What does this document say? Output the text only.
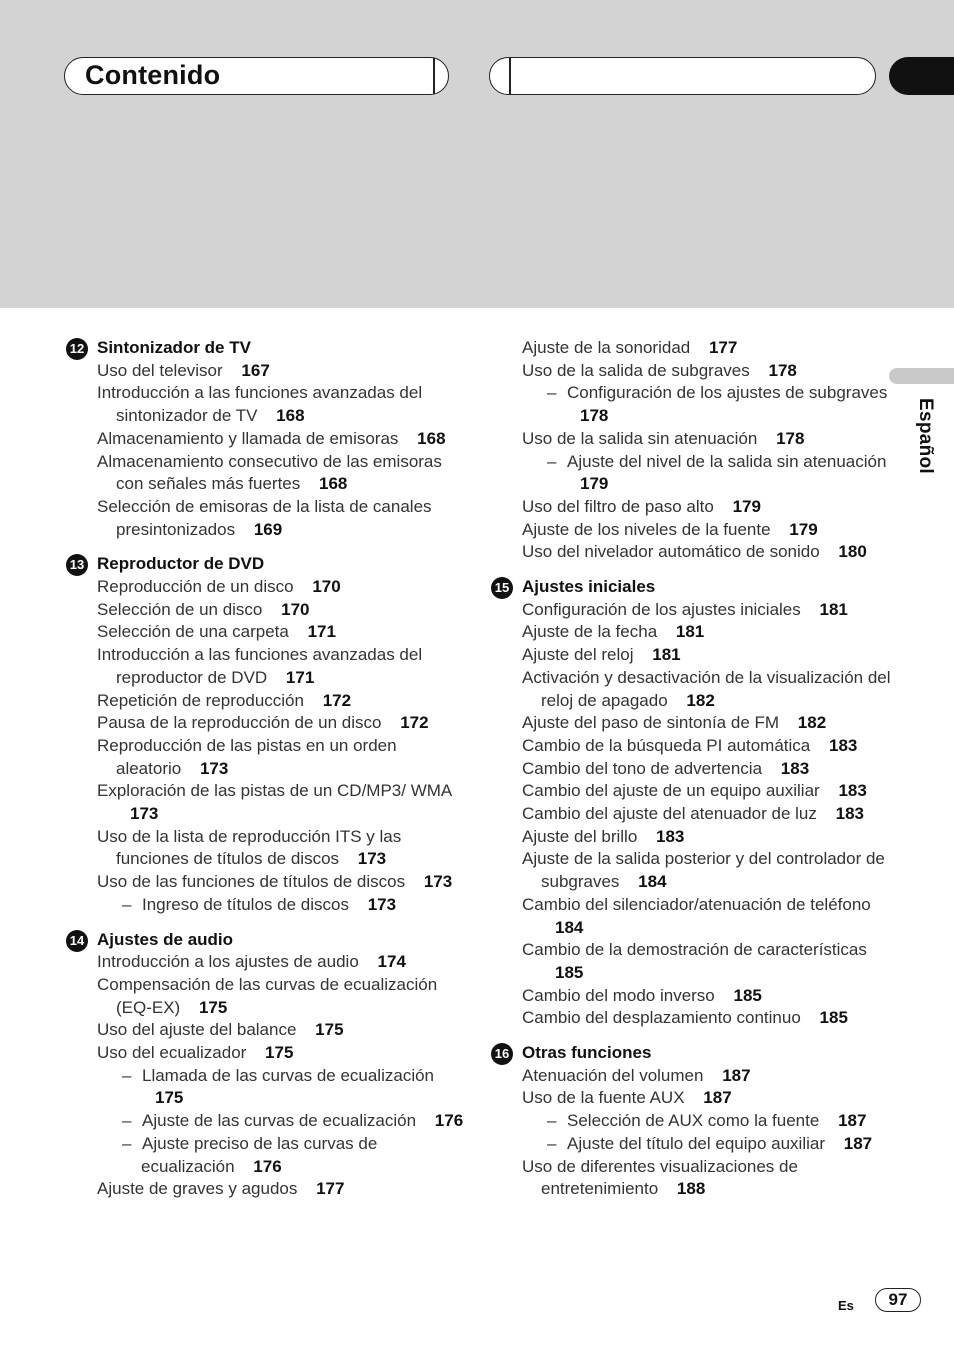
Contenido
Español
12 Sintonizador de TV
Uso del televisor 167
Introducción a las funciones avanzadas del sintonizador de TV 168
Almacenamiento y llamada de emisoras 168
Almacenamiento consecutivo de las emisoras con señales más fuertes 168
Selección de emisoras de la lista de canales presintonizados 169
13 Reproductor de DVD
Reproducción de un disco 170
Selección de un disco 170
Selección de una carpeta 171
Introducción a las funciones avanzadas del reproductor de DVD 171
Repetición de reproducción 172
Pausa de la reproducción de un disco 172
Reproducción de las pistas en un orden aleatorio 173
Exploración de las pistas de un CD/MP3/ WMA 173
Uso de la lista de reproducción ITS y las funciones de títulos de discos 173
Uso de las funciones de títulos de discos 173
– Ingreso de títulos de discos 173
14 Ajustes de audio
Introducción a los ajustes de audio 174
Compensación de las curvas de ecualización (EQ-EX) 175
Uso del ajuste del balance 175
Uso del ecualizador 175
– Llamada de las curvas de ecualización 175
– Ajuste de las curvas de ecualización 176
– Ajuste preciso de las curvas de ecualización 176
Ajuste de graves y agudos 177
Ajuste de la sonoridad 177
Uso de la salida de subgraves 178
– Configuración de los ajustes de subgraves 178
Uso de la salida sin atenuación 178
– Ajuste del nivel de la salida sin atenuación 179
Uso del filtro de paso alto 179
Ajuste de los niveles de la fuente 179
Uso del nivelador automático de sonido 180
15 Ajustes iniciales
Configuración de los ajustes iniciales 181
Ajuste de la fecha 181
Ajuste del reloj 181
Activación y desactivación de la visualización del reloj de apagado 182
Ajuste del paso de sintonía de FM 182
Cambio de la búsqueda PI automática 183
Cambio del tono de advertencia 183
Cambio del ajuste de un equipo auxiliar 183
Cambio del ajuste del atenuador de luz 183
Ajuste del brillo 183
Ajuste de la salida posterior y del controlador de subgraves 184
Cambio del silenciador/atenuación de teléfono 184
Cambio de la demostración de características 185
Cambio del modo inverso 185
Cambio del desplazamiento continuo 185
16 Otras funciones
Atenuación del volumen 187
Uso de la fuente AUX 187
– Selección de AUX como la fuente 187
– Ajuste del título del equipo auxiliar 187
Uso de diferentes visualizaciones de entretenimiento 188
Es	97
